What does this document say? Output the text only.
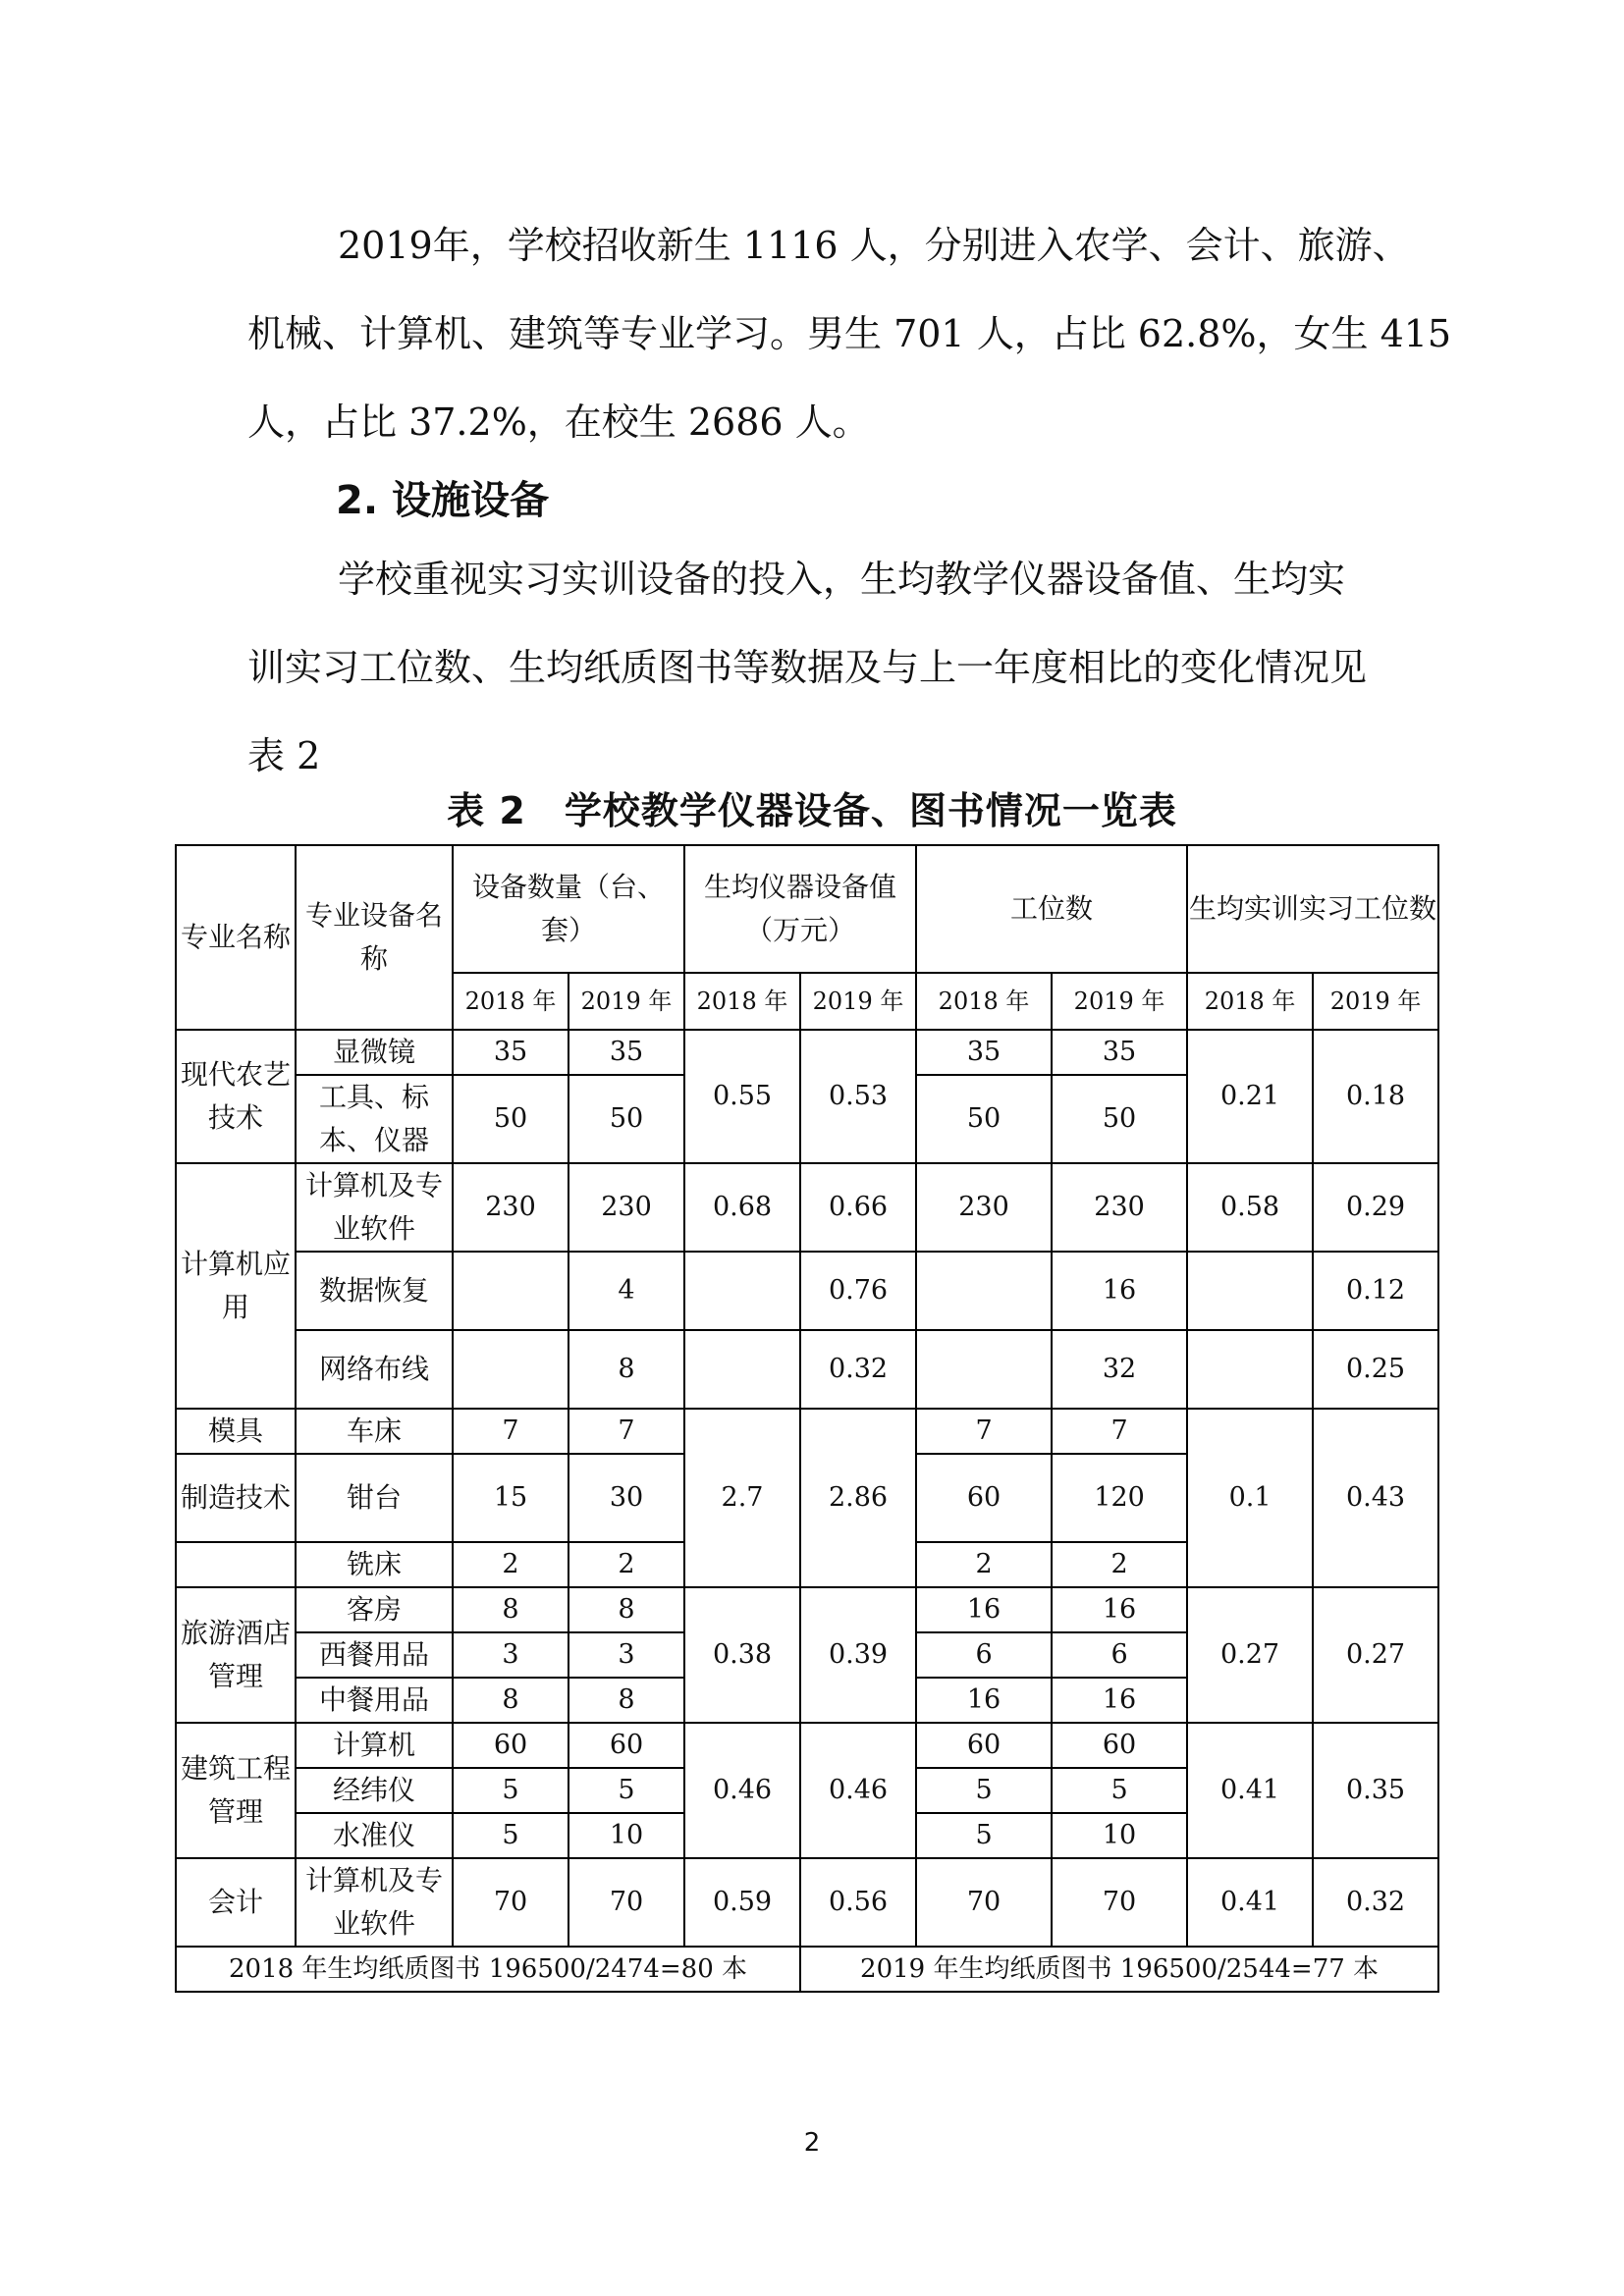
2019年，学校招收新生 1116 人，分别进入农学、会计、旅游、
机械、计算机、建筑等专业学习。男生 701 人，占比 62.8%，女生 415
人，占比 37.2%，在校生 2686 人。
2. 设施设备
学校重视实习实训设备的投入，生均教学仪器设备值、生均实
训实习工位数、生均纸质图书等数据及与上一年度相比的变化情况见
表 2
表 2　学校教学仪器设备、图书情况一览表
专业名称	专业设备名称	设备数量（台、套）		生均仪器设备值（万元）		工位数		生均实训实习工位数	
		2018 年	2019 年	2018 年	2019 年	2018 年	2019 年	2018 年	2019 年
现代农艺技术	显微镜	35	35	0.55	0.53	35	35	0.21	0.18
	工具、标本、仪器	50	50			50	50		
计算机应用	计算机及专业软件	230	230	0.68	0.66	230	230	0.58	0.29
	数据恢复		4		0.76		16		0.12
	网络布线		8		0.32		32		0.25
模具	车床	7	7	2.7	2.86	7	7	0.1	0.43
制造技术	钳台	15	30			60	120		
	铣床	2	2			2	2		
旅游酒店管理	客房	8	8	0.38	0.39	16	16	0.27	0.27
	西餐用品	3	3			6	6		
	中餐用品	8	8			16	16		
建筑工程管理	计算机	60	60	0.46	0.46	60	60	0.41	0.35
	经纬仪	5	5			5	5		
	水准仪	5	10			5	10		
会计	计算机及专业软件	70	70	0.59	0.56	70	70	0.41	0.32
2018 年生均纸质图书 196500/2474=80 本					2019 年生均纸质图书 196500/2544=77 本				
2
